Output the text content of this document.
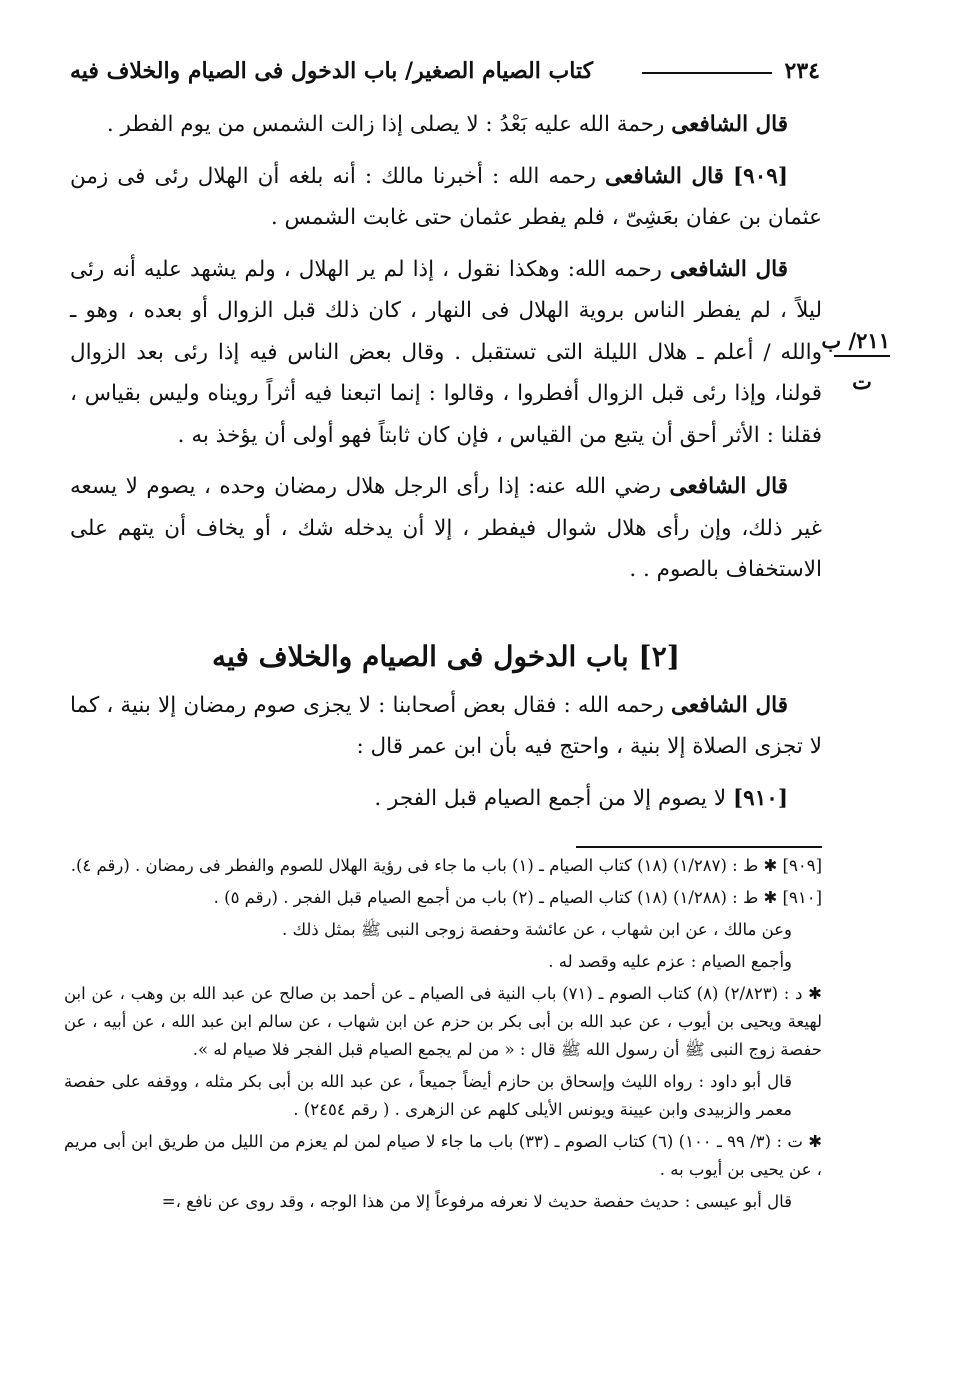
٢٣٤
كتاب الصيام الصغير/ باب الدخول فى الصيام والخلاف فيه
٢١١/ ب
ت

قال الشافعى رحمة الله عليه بَعْدُ : لا يصلى إذا زالت الشمس من يوم الفطر .

[٩٠٩] قال الشافعى رحمه الله : أخبرنا مالك : أنه بلغه أن الهلال رئى فى زمن عثمان بن عفان بعَشِىّ ، فلم يفطر عثمان حتى غابت الشمس .

قال الشافعى رحمه الله: وهكذا نقول ، إذا لم ير الهلال ، ولم يشهد عليه أنه رئى ليلاً ، لم يفطر الناس بروية الهلال فى النهار ، كان ذلك قبل الزوال أو بعده ، وهو ـ والله / أعلم ـ هلال الليلة التى تستقبل . وقال بعض الناس فيه إذا رئى بعد الزوال قولنا، وإذا رئى قبل الزوال أفطروا ، وقالوا : إنما اتبعنا فيه أثراً رويناه وليس بقياس ، فقلنا : الأثر أحق أن يتبع من القياس ، فإن كان ثابتاً فهو أولى أن يؤخذ به .

قال الشافعى رضي الله عنه: إذا رأى الرجل هلال رمضان وحده ، يصوم لا يسعه غير ذلك، وإن رأى هلال شوال فيفطر ، إلا أن يدخله شك ، أو يخاف أن يتهم على الاستخفاف بالصوم . .

[٢] باب الدخول فى الصيام والخلاف فيه

قال الشافعى رحمه الله : فقال بعض أصحابنا : لا يجزى صوم رمضان إلا بنية ، كما لا تجزى الصلاة إلا بنية ، واحتج فيه بأن ابن عمر قال :

[٩١٠] لا يصوم إلا من أجمع الصيام قبل الفجر .

[٩٠٩] ✱ ط : (١/٢٨٧) (١٨) كتاب الصيام ـ (١) باب ما جاء فى رؤية الهلال للصوم والفطر فى رمضان . (رقم ٤).

[٩١٠] ✱ ط : (١/٢٨٨) (١٨) كتاب الصيام ـ (٢) باب من أجمع الصيام قبل الفجر . (رقم ٥) .

وعن مالك ، عن ابن شهاب ، عن عائشة وحفصة زوجى النبى ﷺ بمثل ذلك .

وأجمع الصيام : عزم عليه وقصد له .

✱ د : (٢/٨٢٣) (٨) كتاب الصوم ـ (٧١) باب النية فى الصيام ـ عن أحمد بن صالح عن عبد الله بن وهب ، عن ابن لهيعة ويحيى بن أيوب ، عن عبد الله بن أبى بكر بن حزم عن ابن شهاب ، عن سالم ابن عبد الله ، عن أبيه ، عن حفصة زوج النبى ﷺ أن رسول الله ﷺ قال : « من لم يجمع الصيام قبل الفجر فلا صيام له ».

قال أبو داود : رواه الليث وإسحاق بن حازم أيضاً جميعاً ، عن عبد الله بن أبى بكر مثله ، ووقفه على حفصة معمر والزبيدى وابن عيينة ويونس الأيلى كلهم عن الزهرى . ( رقم ٢٤٥٤) .

✱ ت : (٣/ ٩٩ ـ ١٠٠) (٦) كتاب الصوم ـ (٣٣) باب ما جاء لا صيام لمن لم يعزم من الليل من طريق ابن أبى مريم ، عن يحيى بن أيوب به .

قال أبو عيسى : حديث حفصة حديث لا نعرفه مرفوعاً إلا من هذا الوجه ، وقد روى عن نافع ،=
